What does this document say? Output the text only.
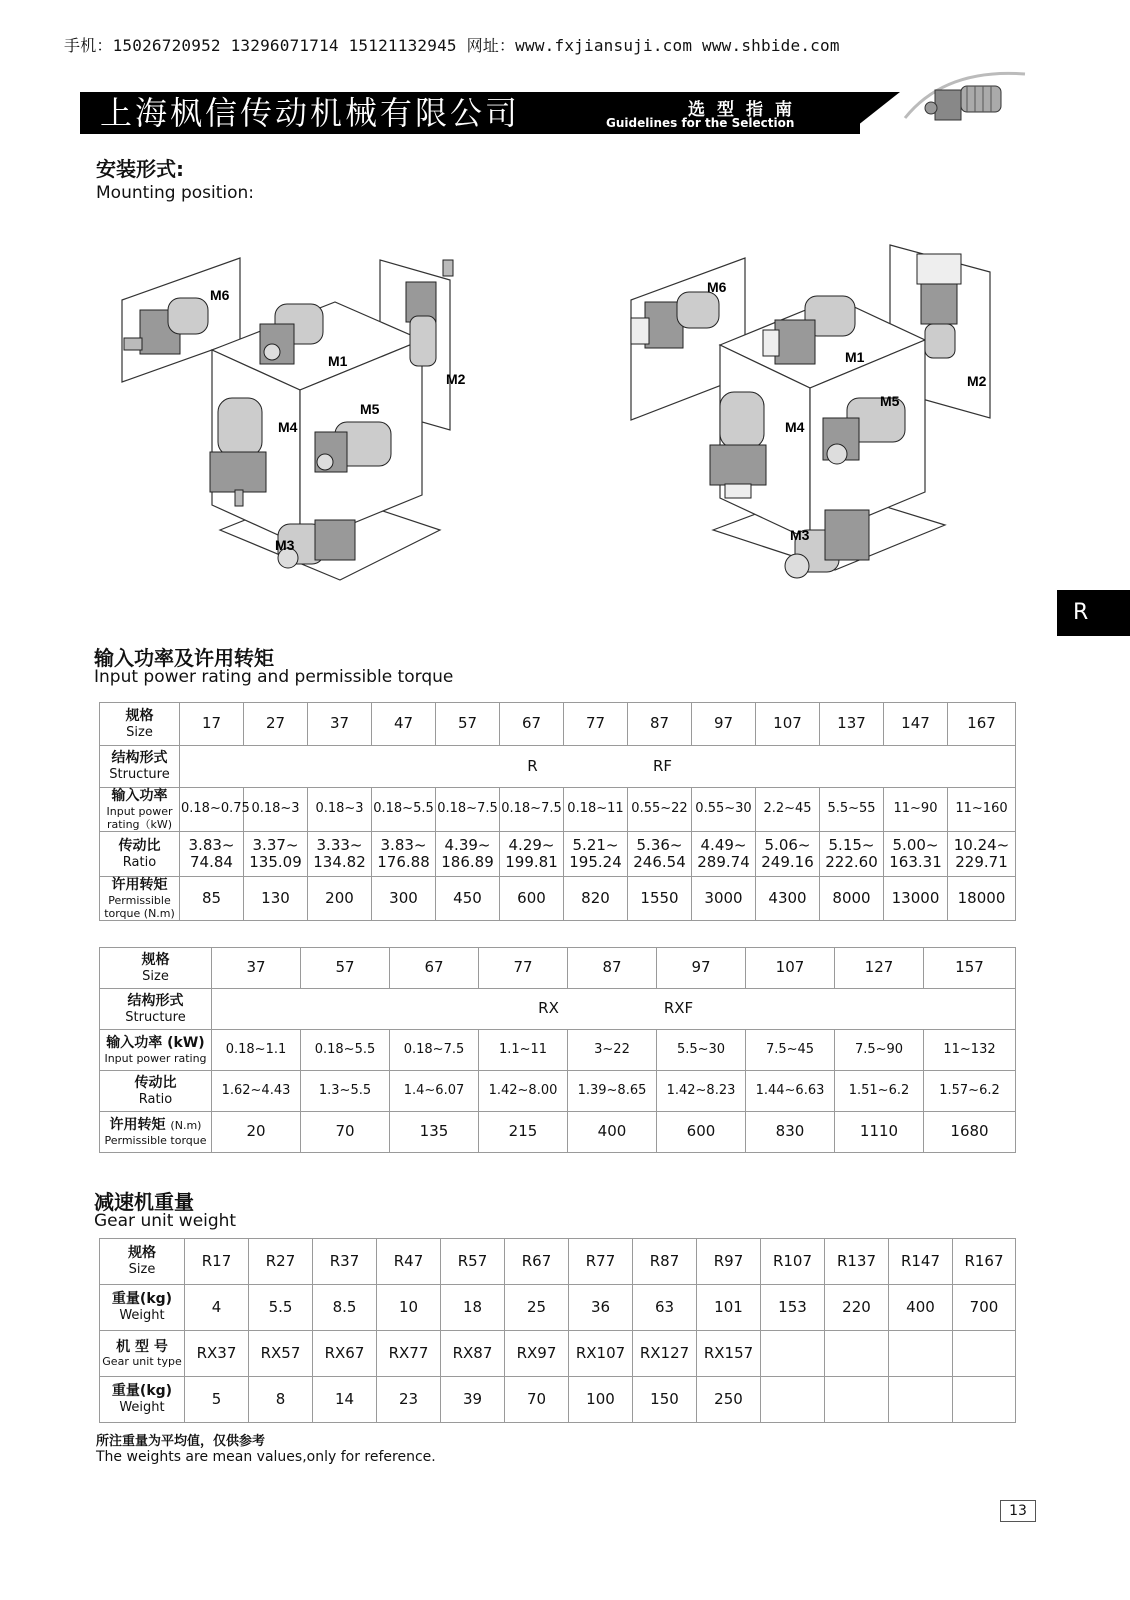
手机：15026720952 13296071714 15121132945 网址：www.fxjiansuji.com www.shbide.com
上海枫信传动机械有限公司	选型指南
Guidelines for the Selection
安装形式:
Mounting position:
M6
M1
M2
M4
M5
M3
M6
M1
M2
M4
M5
M3
R
输入功率及许用转矩
Input power rating and permissible torque
规格
Size	17	27	37	47	57	67	77	87	97	107	137	147	167

结构形式
Structure	R RF												

输入功率
Input power rating（kW)	0.18~0.75	0.18~3	0.18~3	0.18~5.5	0.18~7.5	0.18~7.5	0.18~11	0.55~22	0.55~30	2.2~45	5.5~55	11~90	11~160

传动比
Ratio	3.83~
74.84	3.37~
135.09	3.33~
134.82	3.83~
176.88	4.39~
186.89	4.29~
199.81	5.21~
195.24	5.36~
246.54	4.49~
289.74	5.06~
249.16	5.15~
222.60	5.00~
163.31	10.24~
229.71

许用转矩
Permissible torque (N.m)	85	130	200	300	450	600	820	1550	3000	4300	8000	13000	18000
规格
Size	37	57	67	77	87	97	107	127	157

结构形式
Structure	RX RXF								

输入功率 (kW)
Input power rating	0.18~1.1	0.18~5.5	0.18~7.5	1.1~11	3~22	5.5~30	7.5~45	7.5~90	11~132

传动比
Ratio	1.62~4.43	1.3~5.5	1.4~6.07	1.42~8.00	1.39~8.65	1.42~8.23	1.44~6.63	1.51~6.2	1.57~6.2

许用转矩 (N.m)
Permissible torque	20	70	135	215	400	600	830	1110	1680
减速机重量
Gear unit weight
规格
Size	R17	R27	R37	R47	R57	R67	R77	R87	R97	R107	R137	R147	R167

重量(kg)
Weight	4	5.5	8.5	10	18	25	36	63	101	153	220	400	700

机 型 号
Gear unit type	RX37	RX57	RX67	RX77	RX87	RX97	RX107	RX127	RX157				

重量(kg)
Weight	5	8	14	23	39	70	100	150	250				
所注重量为平均值，仅供参考
The weights are mean values,only for reference.
13
